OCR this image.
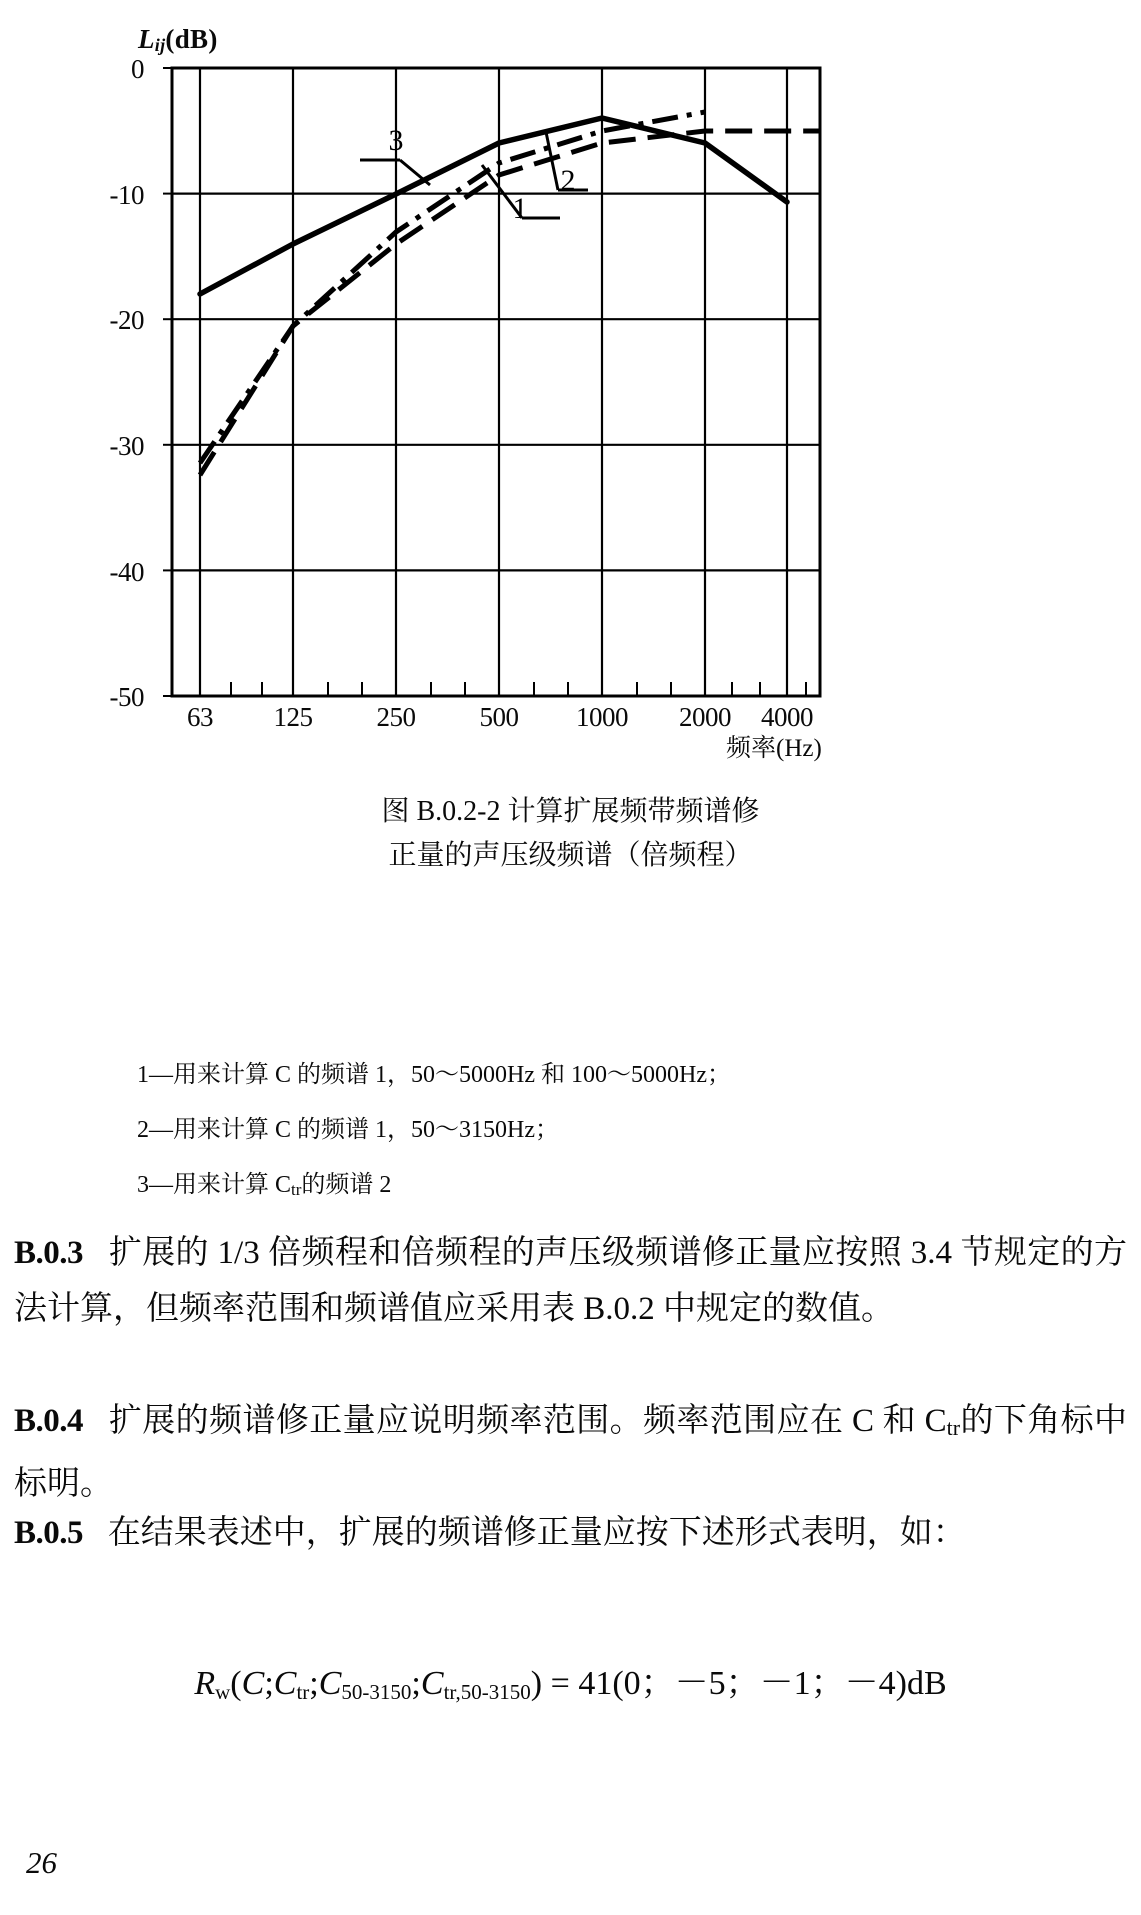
Lij(dB)
3
1
2
0
-10
-20
-30
-40
-50
63	125	250	500	1000	2000	4000
频率(Hz)
图 B.0.2-2 计算扩展频带频谱修
正量的声压级频谱（倍频程）
1—用来计算 C 的频谱 1，50～5000Hz 和 100～5000Hz；
2—用来计算 C 的频谱 1，50～3150Hz；
3—用来计算 Ctr的频谱 2
B.0.3 扩展的 1/3 倍频程和倍频程的声压级频谱修正量应按照 3.4 节规定的方法计算，但频率范围和频谱值应采用表 B.0.2 中规定的数值。
B.0.4 扩展的频谱修正量应说明频率范围。频率范围应在 C 和 Ctr的下角标中标明。
B.0.5 在结果表述中，扩展的频谱修正量应按下述形式表明，如：
Rw(C;Ctr;C50-3150;Ctr,50-3150) = 41(0；－5；－1；－4)dB
26
